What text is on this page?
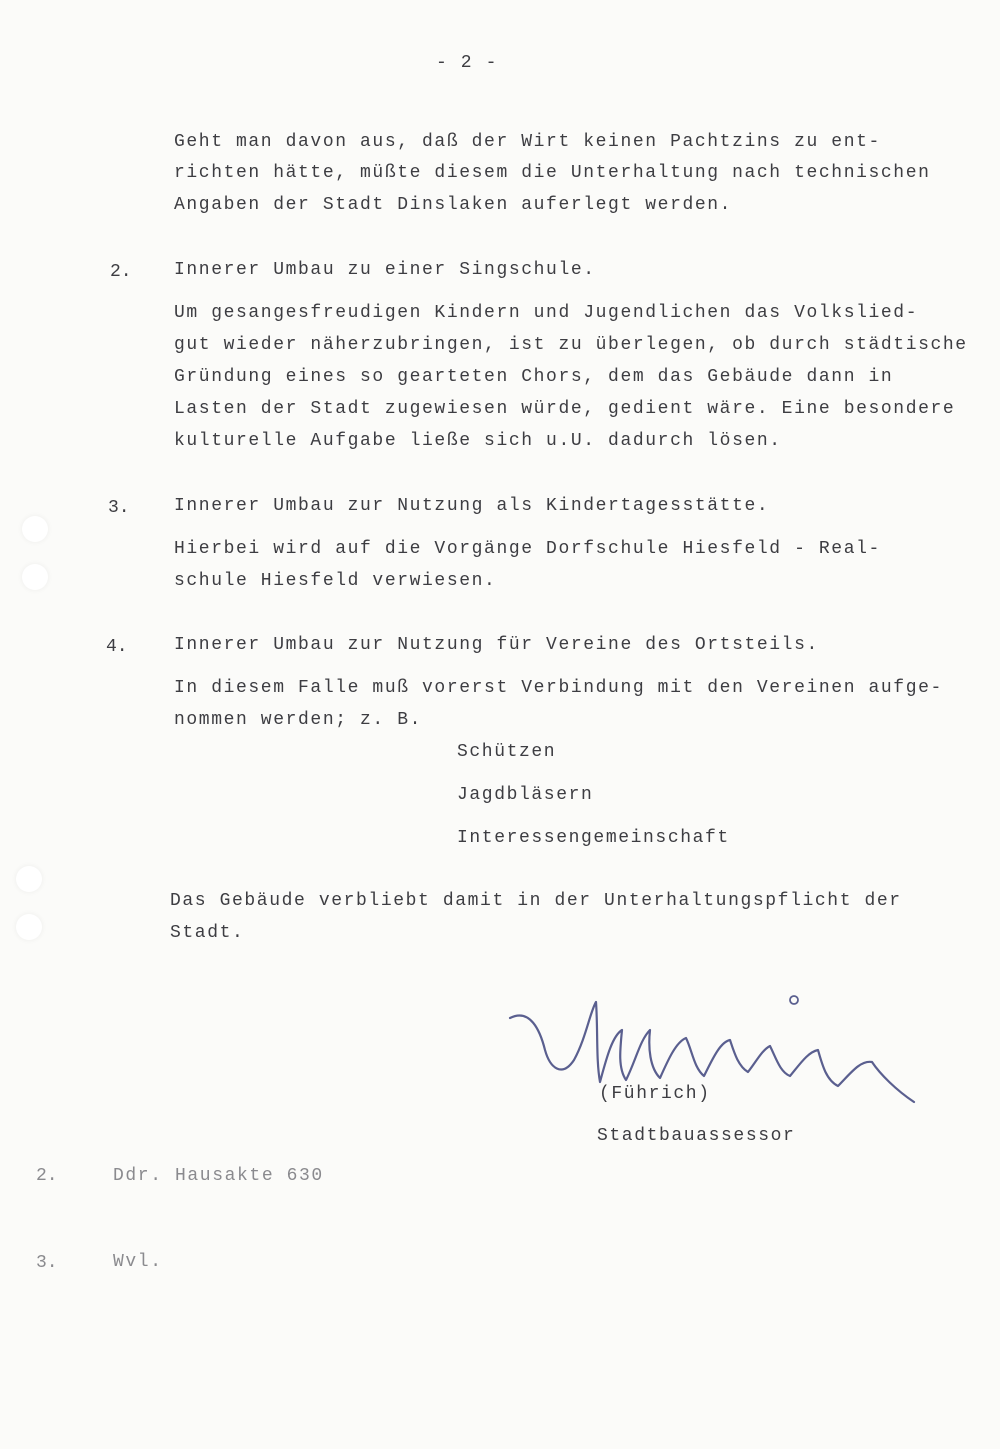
- 2 -
Geht man davon aus, daß der Wirt keinen Pachtzins zu ent-
richten hätte, müßte diesem die Unterhaltung nach technischen
Angaben der Stadt Dinslaken auferlegt werden.
2. Innerer Umbau zu einer Singschule.
Um gesangesfreudigen Kindern und Jugendlichen das Volkslied-
gut wieder näherzubringen, ist zu überlegen, ob durch städtische
Gründung eines so gearteten Chors, dem das Gebäude dann in
Lasten der Stadt zugewiesen würde, gedient wäre. Eine besondere
kulturelle Aufgabe ließe sich u.U. dadurch lösen.
3. Innerer Umbau zur Nutzung als Kindertagesstätte.
Hierbei wird auf die Vorgänge Dorfschule Hiesfeld - Real-
schule Hiesfeld verwiesen.
4.	Innerer Umbau zur Nutzung für Vereine des Ortsteils.
In diesem Falle muß vorerst Verbindung mit den Vereinen aufge-
nommen werden; z. B.
Schützen
Jagdbläsern
Interessengemeinschaft
Das Gebäude verbliebt damit in der Unterhaltungspflicht der
Stadt.
(Führich)
Stadtbauassessor
2.	Ddr. Hausakte 630
3.	Wvl.
